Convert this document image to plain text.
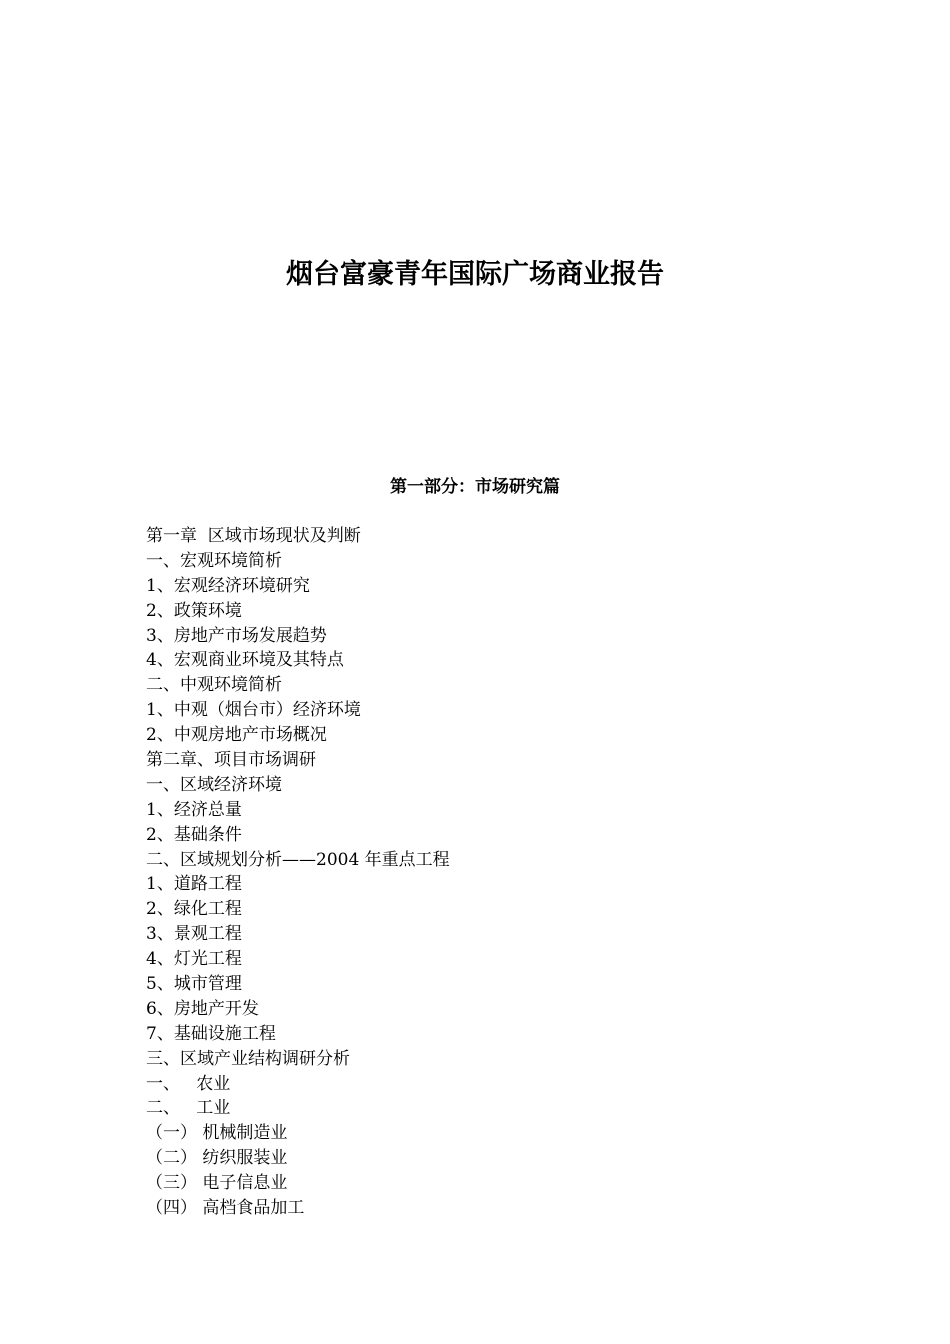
烟台富豪青年国际广场商业报告
第一部分：市场研究篇
第一章  区域市场现状及判断
一、宏观环境简析
1、宏观经济环境研究
2、政策环境
3、房地产市场发展趋势
4、宏观商业环境及其特点
二、中观环境简析
1、中观（烟台市）经济环境
2、中观房地产市场概况
第二章、项目市场调研
一、区域经济环境
1、经济总量
2、基础条件
二、区域规划分析——2004 年重点工程
1、道路工程
2、绿化工程
3、景观工程
4、灯光工程
5、城市管理
6、房地产开发
7、基础设施工程
三、区域产业结构调研分析
一、   农业
二、   工业
（一） 机械制造业
（二） 纺织服装业
（三） 电子信息业
（四） 高档食品加工
